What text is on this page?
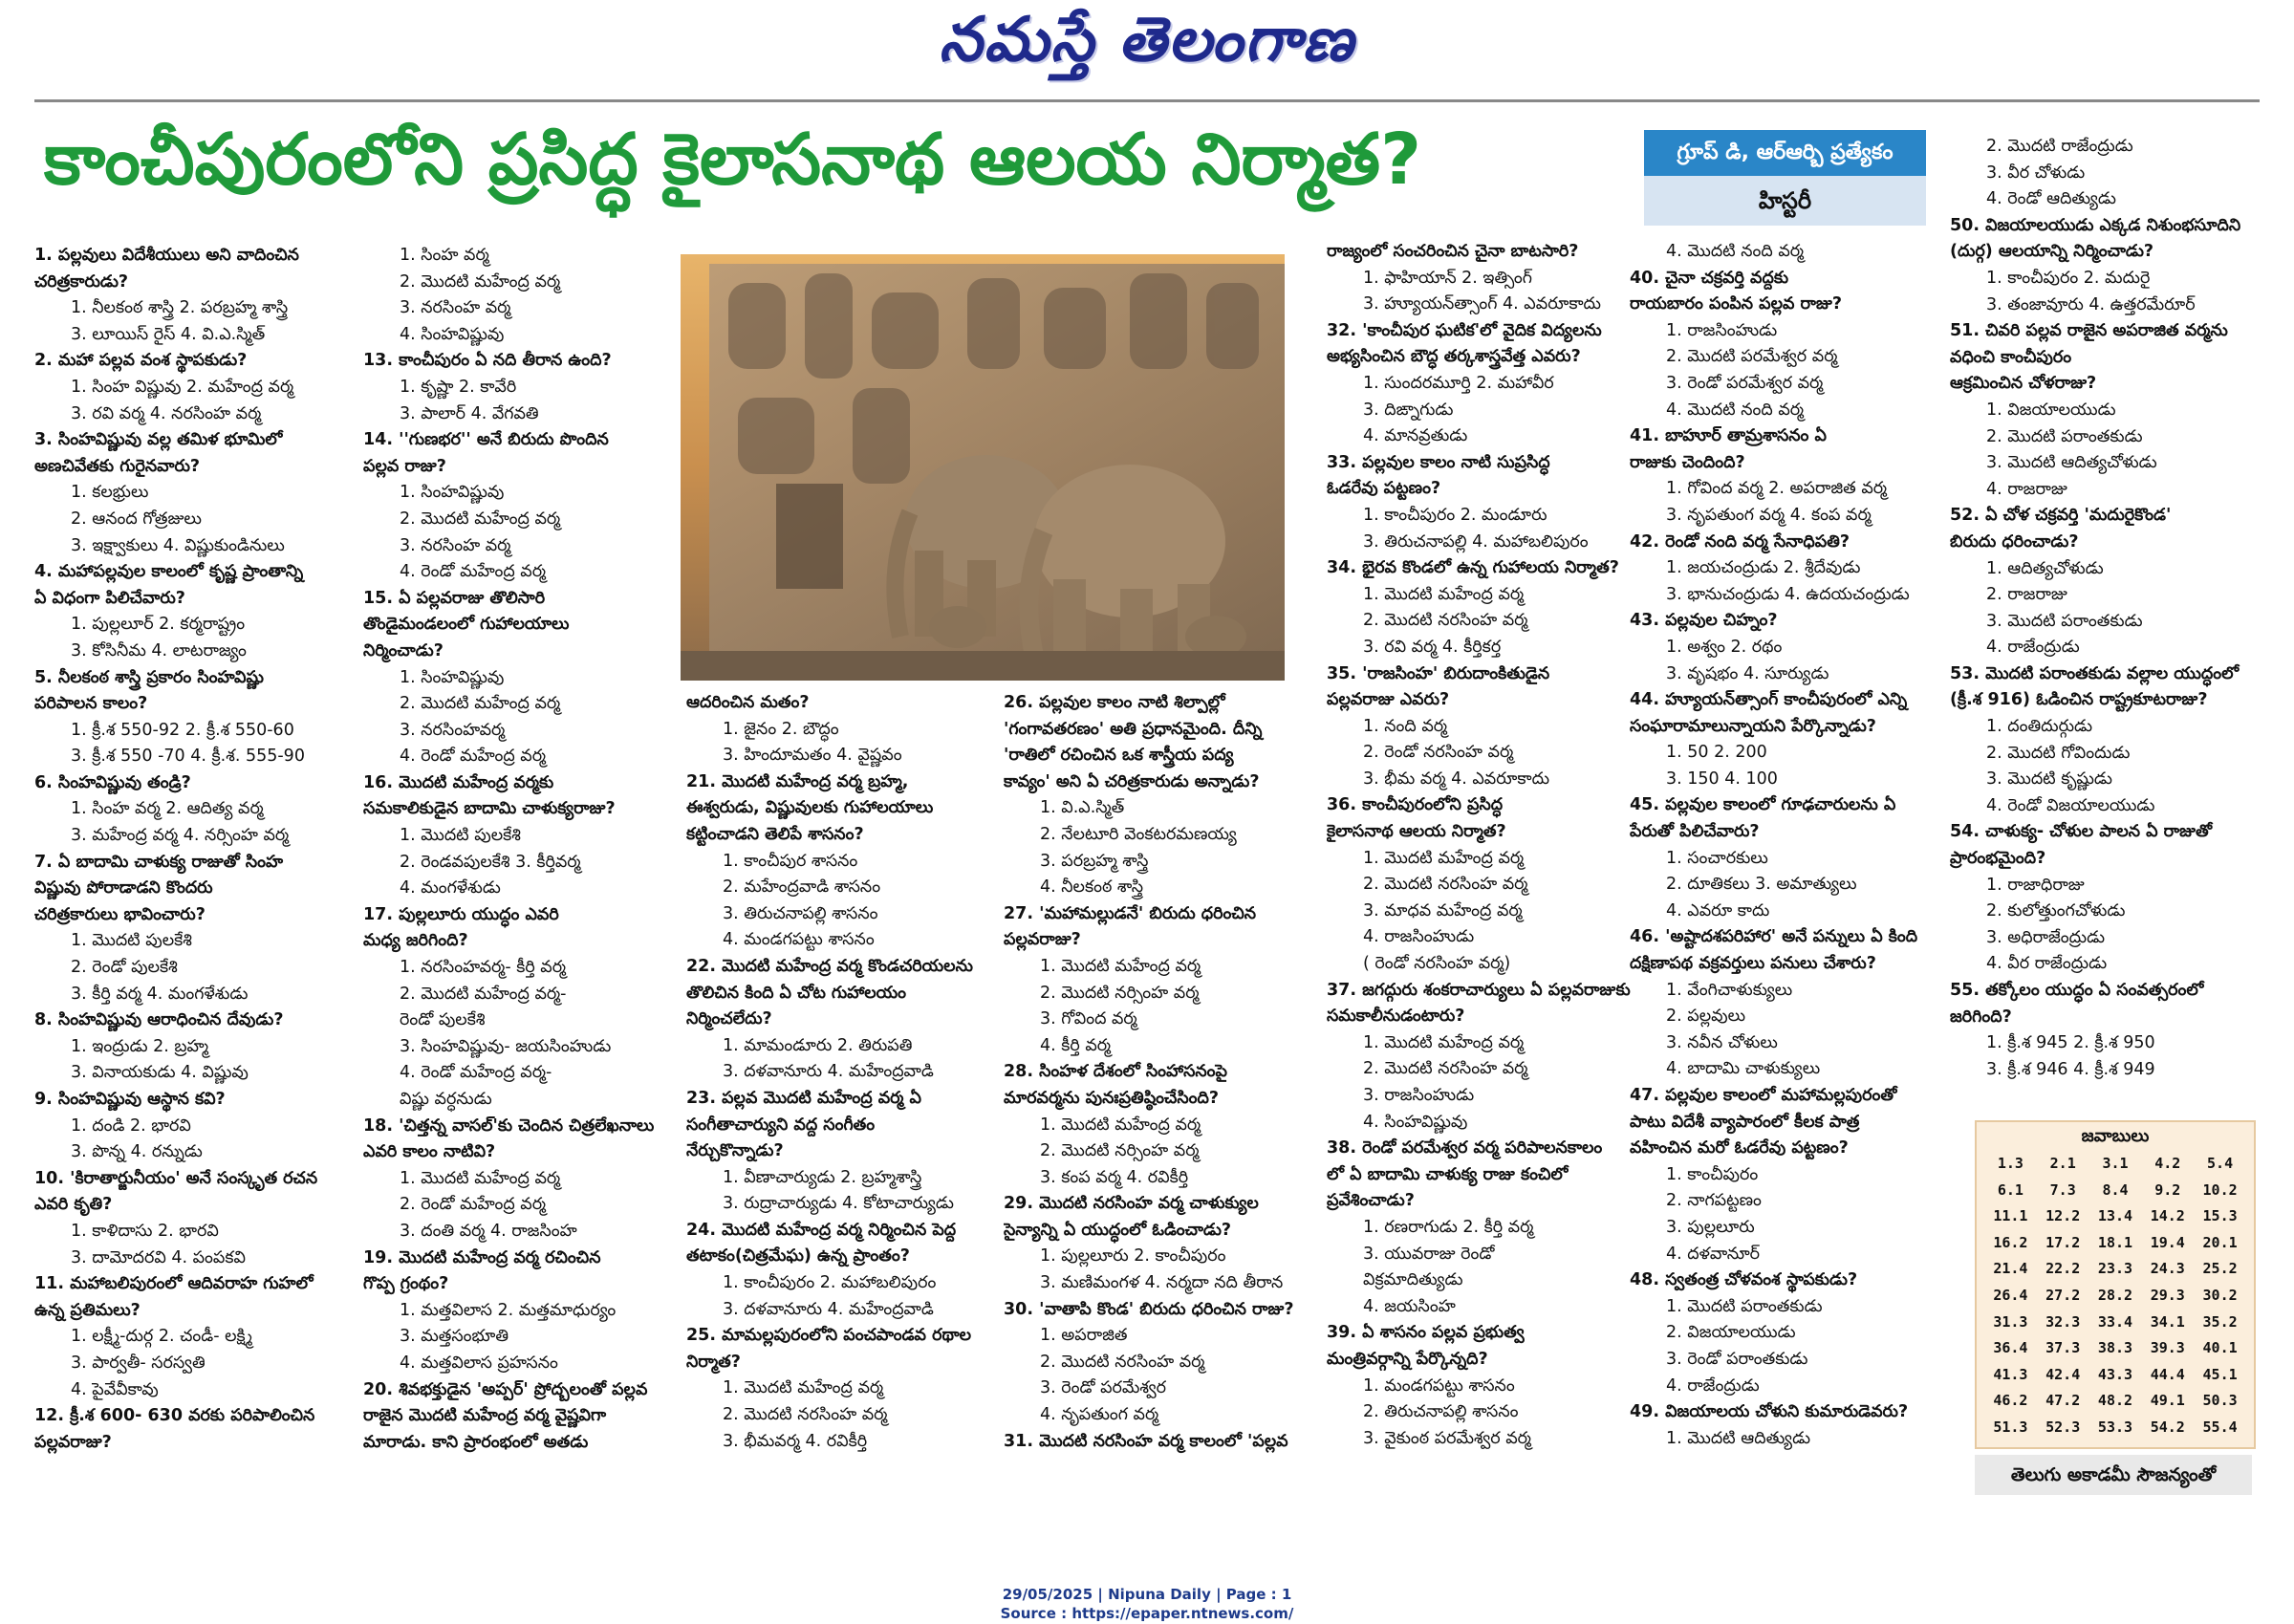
నమస్తే తెలంగాణ
కాంచీపురంలోని ప్రసిద్ధ కైలాసనాథ ఆలయ నిర్మాత?	గ్రూప్ డి, ఆర్ఆర్బి ప్రత్యేకం
హిస్టరీ
1. పల్లవులు విదేశీయులు అని వాదించిన
చరిత్రకారుడు?
1. నీలకంఠ శాస్త్రి 2. పరబ్రహ్మ శాస్త్రి
3. లూయిస్ రైస్ 4. వి.ఎ.స్మిత్
2. మహా పల్లవ వంశ స్థాపకుడు?
1. సింహ విష్ణువు 2. మహేంద్ర వర్మ
3. రవి వర్మ 4. నరసింహ వర్మ
3. సింహవిష్ణువు వల్ల తమిళ భూమిలో
అణచివేతకు గురైనవారు?
1. కలభ్రులు
2. ఆనంద గోత్రజులు
3. ఇక్ష్వాకులు 4. విష్ణుకుండినులు
4. మహాపల్లవుల కాలంలో కృష్ణ ప్రాంతాన్ని
ఏ విధంగా పిలిచేవారు?
1. పుల్లలూర్ 2. కర్మరాష్ట్రం
3. కోసినీమ 4. లాటరాజ్యం
5. నీలకంఠ శాస్త్రి ప్రకారం సింహవిష్ణు
పరిపాలన కాలం?
1. క్రీ.శ 550-92 2. క్రీ.శ 550-60
3. క్రీ.శ 550 -70 4. క్రీ.శ. 555-90
6. సింహవిష్ణువు తండ్రి?
1. సింహ వర్మ 2. ఆదిత్య వర్మ
3. మహేంద్ర వర్మ 4. నర్సింహ వర్మ
7. ఏ బాదామి చాళుక్య రాజుతో సింహ
విష్ణువు పోరాడాడని కొందరు
చరిత్రకారులు భావించారు?
1. మొదటి పులకేశి
2. రెండో పులకేశి
3. కీర్తి వర్మ 4. మంగళేశుడు
8. సింహవిష్ణువు ఆరాధించిన దేవుడు?
1. ఇంద్రుడు 2. బ్రహ్మ
3. వినాయకుడు 4. విష్ణువు
9. సింహవిష్ణువు ఆస్థాన కవి?
1. దండి 2. భారవి
3. పొన్న 4. రన్నుడు
10. 'కిరాతార్జునీయం' అనే సంస్కృత రచన
ఎవరి కృతి?
1. కాళిదాసు 2. భారవి
3. దామోదరవి 4. పంపకవి
11. మహాబలిపురంలో ఆదివరాహ గుహలో
ఉన్న ప్రతిమలు?
1. లక్ష్మీ-దుర్గ 2. చండీ- లక్ష్మి
3. పార్వతీ- సరస్వతి
4. పైవేవీకావు
12. క్రీ.శ 600- 630 వరకు పరిపాలించిన
పల్లవరాజు?
1. సింహ వర్మ
2. మొదటి మహేంద్ర వర్మ
3. నరసింహ వర్మ
4. సింహవిష్ణువు
13. కాంచీపురం ఏ నది తీరాన ఉంది?
1. కృష్ణా 2. కావేరి
3. పాలార్ 4. వేగవతి
14. ''గుణభర'' అనే బిరుదు పొందిన
పల్లవ రాజు?
1. సింహవిష్ణువు
2. మొదటి మహేంద్ర వర్మ
3. నరసింహ వర్మ
4. రెండో మహేంద్ర వర్మ
15. ఏ పల్లవరాజు తొలిసారి
తొండైమండలంలో గుహాలయాలు
నిర్మించాడు?
1. సింహవిష్ణువు
2. మొదటి మహేంద్ర వర్మ
3. నరసింహవర్మ
4. రెండో మహేంద్ర వర్మ
16. మొదటి మహేంద్ర వర్మకు
సమకాలికుడైన బాదామి చాళుక్యరాజు?
1. మొదటి పులకేశి
2. రెండవపులకేశి 3. కీర్తివర్మ
4. మంగళేశుడు
17. పుల్లలూరు యుద్ధం ఎవరి
మధ్య జరిగింది?
1. నరసింహవర్మ- కీర్తి వర్మ
2. మొదటి మహేంద్ర వర్మ-
రెండో పులకేశి
3. సింహవిష్ణువు- జయసింహుడు
4. రెండో మహేంద్ర వర్మ-
విష్ణు వర్ధనుడు
18. 'చిత్తన్న వాసల్'కు చెందిన చిత్రలేఖనాలు
ఎవరి కాలం నాటివి?
1. మొదటి మహేంద్ర వర్మ
2. రెండో మహేంద్ర వర్మ
3. దంతి వర్మ 4. రాజసింహ
19. మొదటి మహేంద్ర వర్మ రచించిన
గొప్ప గ్రంథం?
1. మత్తవిలాస 2. మత్తమాధుర్యం
3. మత్తసంభూతి
4. మత్తవిలాస ప్రహసనం
20. శివభక్తుడైన 'అప్పర్' ప్రోద్బలంతో పల్లవ
రాజైన మొదటి మహేంద్ర వర్మ వైష్ణవిగా
మారాడు. కాని ప్రారంభంలో అతడు
ఆదరించిన మతం?
1. జైనం 2. బౌద్ధం
3. హిందూమతం 4. వైష్ణవం
21. మొదటి మహేంద్ర వర్మ బ్రహ్మ,
ఈశ్వరుడు, విష్ణువులకు గుహాలయాలు
కట్టించాడని తెలిపే శాసనం?
1. కాంచీపుర శాసనం
2. మహేంద్రవాడి శాసనం
3. తిరుచనాపల్లి శాసనం
4. మండగపట్టు శాసనం
22. మొదటి మహేంద్ర వర్మ కొండచరియలను
తొలిచిన కింది ఏ చోట గుహాలయం
నిర్మించలేదు?
1. మామండూరు 2. తిరుపతి
3. దళవానూరు 4. మహేంద్రవాడి
23. పల్లవ మొదటి మహేంద్ర వర్మ ఏ
సంగీతాచార్యుని వద్ద సంగీతం
నేర్చుకొన్నాడు?
1. వీణాచార్యుడు 2. బ్రహ్మశాస్త్రి
3. రుద్రాచార్యుడు 4. కోటాచార్యుడు
24. మొదటి మహేంద్ర వర్మ నిర్మించిన పెద్ద
తటాకం(చిత్రమేఘ) ఉన్న ప్రాంతం?
1. కాంచీపురం 2. మహాబలిపురం
3. దళవానూరు 4. మహేంద్రవాడి
25. మామల్లపురంలోని పంచపాండవ రథాల
నిర్మాత?
1. మొదటి మహేంద్ర వర్మ
2. మొదటి నరసింహ వర్మ
3. భీమవర్మ 4. రవికీర్తి
26. పల్లవుల కాలం నాటి శిల్పాల్లో
'గంగావతరణం' అతి ప్రధానమైంది. దీన్ని
'రాతిలో రచించిన ఒక శాస్త్రీయ పద్య
కావ్యం' అని ఏ చరిత్రకారుడు అన్నాడు?
1. వి.ఎ.స్మిత్
2. నేలటూరి వెంకటరమణయ్య
3. పరబ్రహ్మ శాస్త్రి
4. నీలకంఠ శాస్త్రి
27. 'మహామల్లుడనే' బిరుదు ధరించిన
పల్లవరాజు?
1. మొదటి మహేంద్ర వర్మ
2. మొదటి నర్సింహ వర్మ
3. గోవింద వర్మ
4. కీర్తి వర్మ
28. సింహళ దేశంలో సింహాసనంపై
మారవర్మను పునఃప్రతిష్ఠించేసింది?
1. మొదటి మహేంద్ర వర్మ
2. మొదటి నర్సింహ వర్మ
3. కంప వర్మ 4. రవికీర్తి
29. మొదటి నరసింహ వర్మ చాళుక్యుల
సైన్యాన్ని ఏ యుద్ధంలో ఓడించాడు?
1. పుల్లలూరు 2. కాంచీపురం
3. మణిమంగళ 4. నర్మదా నది తీరాన
30. 'వాతాపి కొండ' బిరుదు ధరించిన రాజు?
1. అపరాజిత
2. మొదటి నరసింహ వర్మ
3. రెండో పరమేశ్వర
4. నృపతుంగ వర్మ
31. మొదటి నరసింహ వర్మ కాలంలో 'పల్లవ
రాజ్యంలో సంచరించిన చైనా బాటసారి?
1. ఫాహియాన్ 2. ఇత్సింగ్
3. హ్యూయన్‌త్సాంగ్ 4. ఎవరూకాదు
32. 'కాంచీపుర ఘటిక'లో వైదిక విద్యలను
అభ్యసించిన బౌద్ధ తర్కశాస్త్రవేత్త ఎవరు?
1. సుందరమూర్తి 2. మహావీర
3. దిఙ్నాగుడు
4. మానవ్రతుడు
33. పల్లవుల కాలం నాటి సుప్రసిద్ధ
ఓడరేవు పట్టణం?
1. కాంచీపురం 2. మండూరు
3. తిరుచనాపల్లి 4. మహాబలిపురం
34. భైరవ కొండలో ఉన్న గుహాలయ నిర్మాత?
1. మొదటి మహేంద్ర వర్మ
2. మొదటి నరసింహ వర్మ
3. రవి వర్మ 4. కీర్తికర్త
35. 'రాజసింహ' బిరుదాంకితుడైన
పల్లవరాజు ఎవరు?
1. నంది వర్మ
2. రెండో నరసింహ వర్మ
3. భీమ వర్మ 4. ఎవరూకాదు
36. కాంచీపురంలోని ప్రసిద్ధ
కైలాసనాథ ఆలయ నిర్మాత?
1. మొదటి మహేంద్ర వర్మ
2. మొదటి నరసింహ వర్మ
3. మాధవ మహేంద్ర వర్మ
4. రాజసింహుడు
( రెండో నరసింహ వర్మ)
37. జగద్గురు శంకరాచార్యులు ఏ పల్లవరాజుకు
సమకాలీనుడంటారు?
1. మొదటి మహేంద్ర వర్మ
2. మొదటి నరసింహ వర్మ
3. రాజసింహుడు
4. సింహవిష్ణువు
38. రెండో పరమేశ్వర వర్మ పరిపాలనకాలం
లో ఏ బాదామి చాళుక్య రాజు కంచిలో
ప్రవేశించాడు?
1. రణరాగుడు 2. కీర్తి వర్మ
3. యువరాజు రెండో
విక్రమాదిత్యుడు
4. జయసింహ
39. ఏ శాసనం పల్లవ ప్రభుత్వ
మంత్రివర్గాన్ని పేర్కొన్నది?
1. మండగపట్టు శాసనం
2. తిరుచనాపల్లి శాసనం
3. వైకుంఠ పరమేశ్వర వర్మ
4. మొదటి నంది వర్మ
40. చైనా చక్రవర్తి వద్దకు
రాయబారం పంపిన పల్లవ రాజు?
1. రాజసింహుడు
2. మొదటి పరమేశ్వర వర్మ
3. రెండో పరమేశ్వర వర్మ
4. మొదటి నంది వర్మ
41. బాహూర్ తామ్రశాసనం ఏ
రాజుకు చెందింది?
1. గోవింద వర్మ 2. అపరాజిత వర్మ
3. నృపతుంగ వర్మ 4. కంప వర్మ
42. రెండో నంది వర్మ సేనాధిపతి?
1. జయచంద్రుడు 2. శ్రీదేవుడు
3. భానుచంద్రుడు 4. ఉదయచంద్రుడు
43. పల్లవుల చిహ్నం?
1. అశ్వం 2. రథం
3. వృషభం 4. సూర్యుడు
44. హ్యూయన్‌త్సాంగ్ కాంచీపురంలో ఎన్ని
సంఘారామాలున్నాయని పేర్కొన్నాడు?
1. 50 2. 200
3. 150 4. 100
45. పల్లవుల కాలంలో గూఢచారులను ఏ
పేరుతో పిలిచేవారు?
1. సంచారకులు
2. దూతికలు 3. అమాత్యులు
4. ఎవరూ కాదు
46. 'అష్టాదశపరిహార' అనే పన్నులు ఏ కింది
దక్షిణాపథ వక్రవర్తులు పనులు చేశారు?
1. వేంగిచాళుక్యులు
2. పల్లవులు
3. నవీన చోళులు
4. బాదామి చాళుక్యులు
47. పల్లవుల కాలంలో మహామల్లపురంతో
పాటు విదేశీ వ్యాపారంలో కీలక పాత్ర
వహించిన మరో ఓడరేవు పట్టణం?
1. కాంచీపురం
2. నాగపట్టణం
3. పుల్లలూరు
4. దళవానూర్
48. స్వతంత్ర చోళవంశ స్థాపకుడు?
1. మొదటి పరాంతకుడు
2. విజయాలయుడు
3. రెండో పరాంతకుడు
4. రాజేంద్రుడు
49. విజయాలయ చోళుని కుమారుడెవరు?
1. మొదటి ఆదిత్యుడు
2. మొదటి రాజేంద్రుడు
3. వీర చోళుడు
4. రెండో ఆదిత్యుడు
50. విజయాలయుడు ఎక్కడ నిశుంభసూదిని
(దుర్గ) ఆలయాన్ని నిర్మించాడు?
1. కాంచీపురం 2. మదురై
3. తంజావూరు 4. ఉత్తరమేరూర్
51. చివరి పల్లవ రాజైన అపరాజిత వర్మను
వధించి కాంచీపురం
ఆక్రమించిన చోళరాజు?
1. విజయాలయుడు
2. మొదటి పరాంతకుడు
3. మొదటి ఆదిత్యచోళుడు
4. రాజరాజు
52. ఏ చోళ చక్రవర్తి 'మదురైకొండ'
బిరుదు ధరించాడు?
1. ఆదిత్యచోళుడు
2. రాజరాజు
3. మొదటి పరాంతకుడు
4. రాజేంద్రుడు
53. మొదటి పరాంతకుడు వల్లాల యుద్ధంలో
(క్రీ.శ 916) ఓడించిన రాష్ట్రకూటరాజు?
1. దంతిదుర్గుడు
2. మొదటి గోవిందుడు
3. మొదటి కృష్ణుడు
4. రెండో విజయాలయుడు
54. చాళుక్య- చోళుల పాలన ఏ రాజుతో
ప్రారంభమైంది?
1. రాజాధిరాజు
2. కులోత్తుంగచోళుడు
3. అధిరాజేంద్రుడు
4. వీర రాజేంద్రుడు
55. తక్కోలం యుద్ధం ఏ సంవత్సరంలో
జరిగింది?
1. క్రీ.శ 945 2. క్రీ.శ 950
3. క్రీ.శ 946 4. క్రీ.శ 949
జవాబులు
1.3	2.1	3.1	4.2	5.4
6.1	7.3	8.4	9.2	10.2
11.1	12.2	13.4	14.2	15.3
16.2	17.2	18.1	19.4	20.1
21.4	22.2	23.3	24.3	25.2
26.4	27.2	28.2	29.3	30.2
31.3	32.3	33.4	34.1	35.2
36.4	37.3	38.3	39.3	40.1
41.3	42.4	43.3	44.4	45.1
46.2	47.2	48.2	49.1	50.3
51.3	52.3	53.3	54.2	55.4
తెలుగు అకాడమీ సౌజన్యంతో
29/05/2025 | Nipuna Daily | Page : 1
Source : https://epaper.ntnews.com/
